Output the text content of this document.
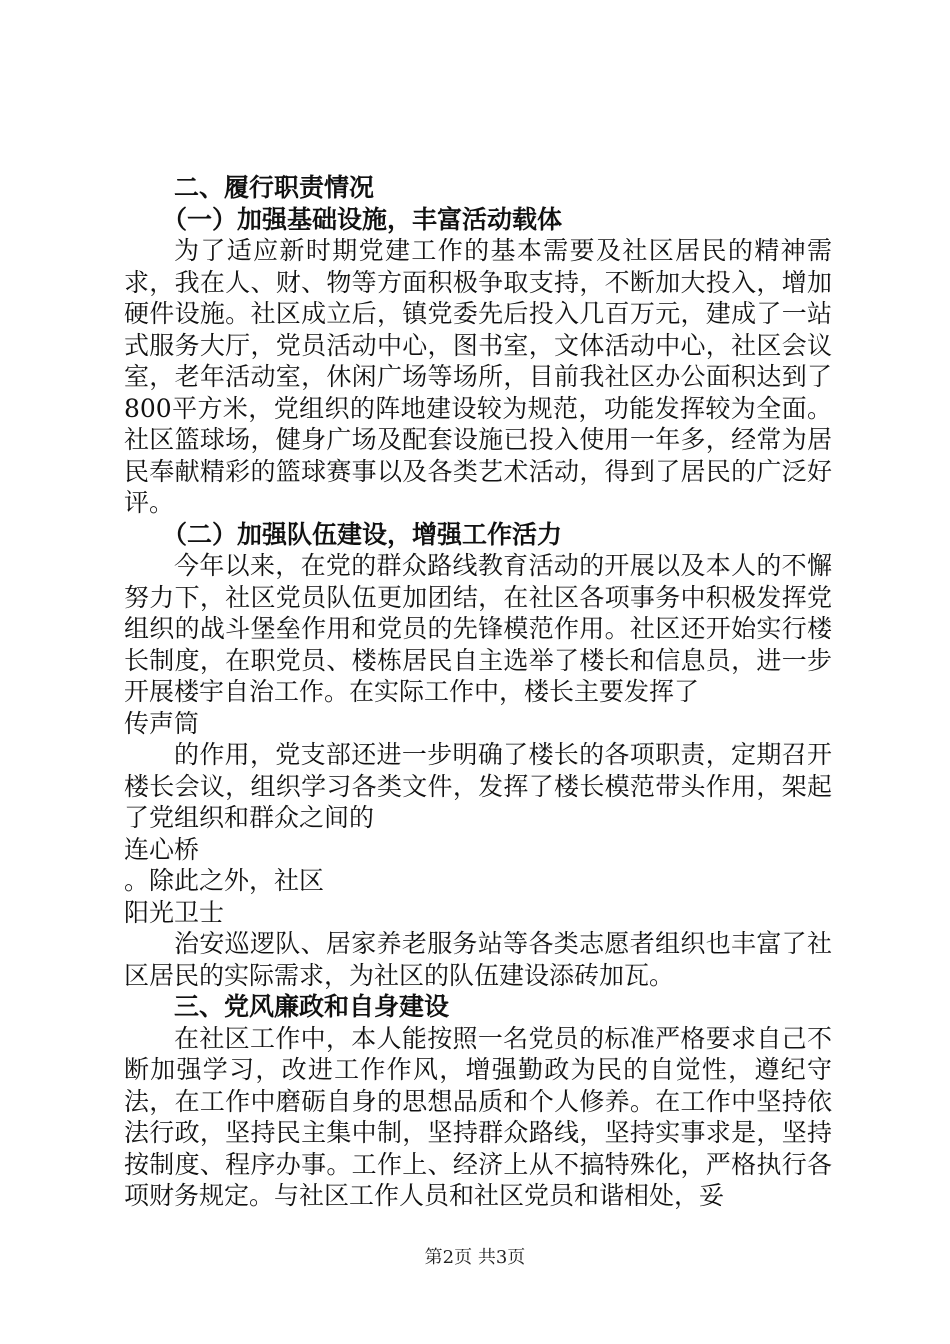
二、履行职责情况

（一）加强基础设施，丰富活动载体

为了适应新时期党建工作的基本需要及社区居民的精神需求，我在人、财、物等方面积极争取支持，不断加大投入，增加硬件设施。社区成立后，镇党委先后投入几百万元，建成了一站式服务大厅，党员活动中心，图书室，文体活动中心，社区会议室，老年活动室，休闲广场等场所，目前我社区办公面积达到了800平方米，党组织的阵地建设较为规范，功能发挥较为全面。社区篮球场，健身广场及配套设施已投入使用一年多，经常为居民奉献精彩的篮球赛事以及各类艺术活动，得到了居民的广泛好评。

（二）加强队伍建设，增强工作活力

今年以来，在党的群众路线教育活动的开展以及本人的不懈努力下，社区党员队伍更加团结，在社区各项事务中积极发挥党组织的战斗堡垒作用和党员的先锋模范作用。社区还开始实行楼长制度，在职党员、楼栋居民自主选举了楼长和信息员，进一步开展楼宇自治工作。在实际工作中，楼长主要发挥了

传声筒

的作用，党支部还进一步明确了楼长的各项职责，定期召开楼长会议，组织学习各类文件，发挥了楼长模范带头作用，架起了党组织和群众之间的

连心桥

。除此之外，社区

阳光卫士

治安巡逻队、居家养老服务站等各类志愿者组织也丰富了社区居民的实际需求，为社区的队伍建设添砖加瓦。

三、党风廉政和自身建设

在社区工作中，本人能按照一名党员的标准严格要求自己不断加强学习，改进工作作风，增强勤政为民的自觉性，遵纪守法，在工作中磨砺自身的思想品质和个人修养。在工作中坚持依法行政，坚持民主集中制，坚持群众路线，坚持实事求是，坚持按制度、程序办事。工作上、经济上从不搞特殊化，严格执行各项财务规定。与社区工作人员和社区党员和谐相处，妥

第2页 共3页
